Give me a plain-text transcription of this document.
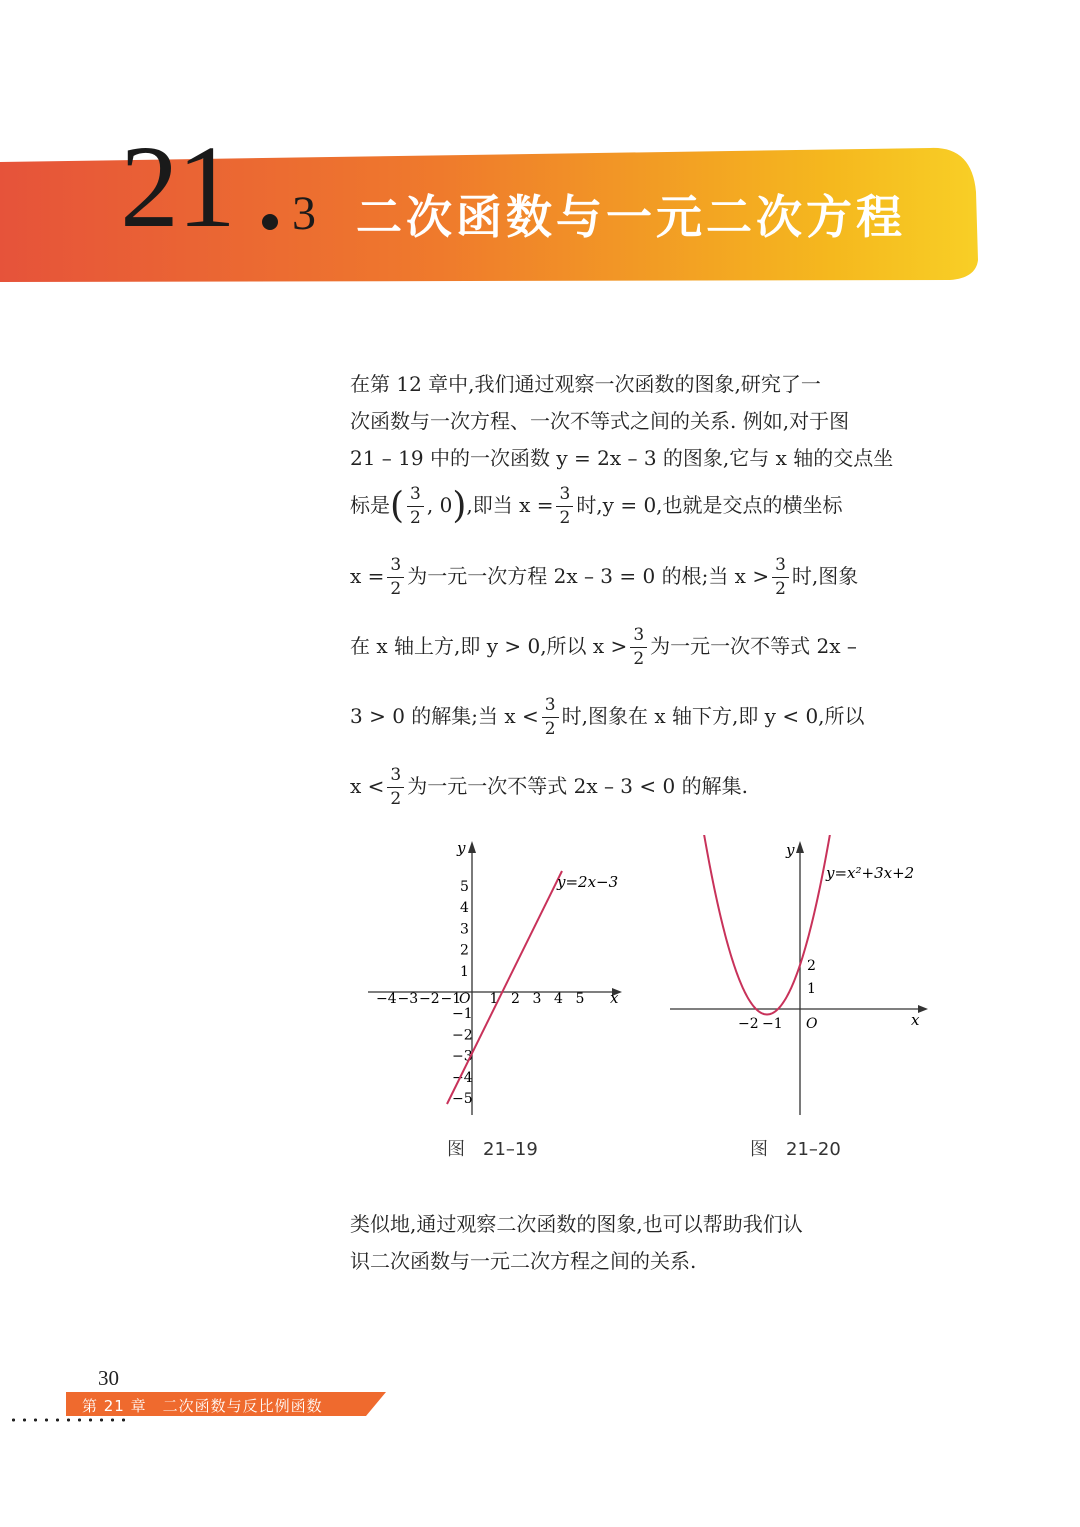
21 3 二次函数与一元二次方程
在第 12 章中,我们通过观察一次函数的图象,研究了一
次函数与一次方程、一次不等式之间的关系. 例如,对于图
21 – 19 中的一次函数 y = 2x – 3 的图象,它与 x 轴的交点坐
标是( $\frac{3}{2}$ , 0),即当 $x = \frac{3}{2}$ 时,y = 0,也就是交点的横坐标
$x = \frac{3}{2}$ 为一元一次方程 2x – 3 = 0 的根;当 $x > \frac{3}{2}$ 时,图象
在 x 轴上方,即 y > 0,所以 $x > \frac{3}{2}$ 为一元一次不等式 2x –
3 > 0 的解集;当 $x < \frac{3}{2}$ 时,图象在 x 轴下方,即 y < 0,所以
$x < \frac{3}{2}$ 为一元一次不等式 2x – 3 < 0 的解集.
x
y
O
−4 −3 −2 −1 1 2 3 4 5
1
2
3
4
5
−1
−2
−3
−4
−5
y=2x−3
图　21–19
x
y
O
−2 −1
1
2
y=x²+3x+2
图　21–20
类似地,通过观察二次函数的图象,也可以帮助我们认
识二次函数与一元二次方程之间的关系.
30
第 21 章　二次函数与反比例函数
